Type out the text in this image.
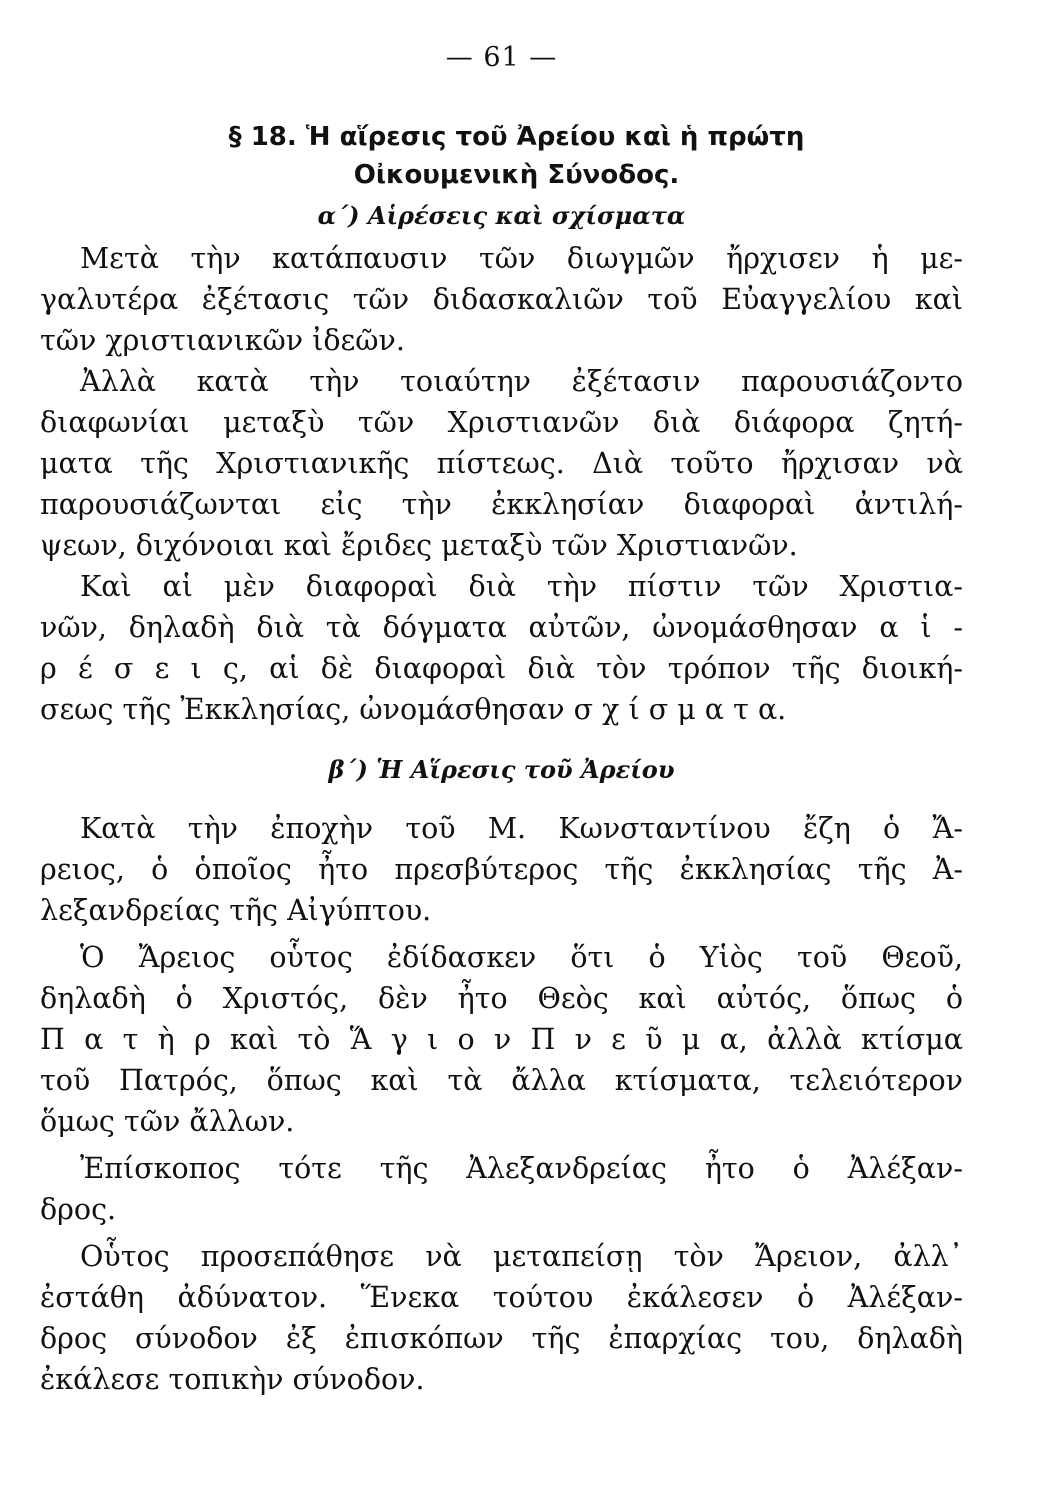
— 61 —
§ 18. Ἡ αἵρεσις τοῦ Ἀρείου καὶ ἡ πρώτη
Οἰκουμενικὴ Σύνοδος.
α΄) Αἱρέσεις καὶ σχίσματα
Μετὰ τὴν κατάπαυσιν τῶν διωγμῶν ἤρχισεν ἡ με-
γαλυτέρα ἐξέτασις τῶν διδασκαλιῶν τοῦ Εὐαγγελίου καὶ
τῶν χριστιανικῶν ἰδεῶν.
Ἀλλὰ κατὰ τὴν τοιαύτην ἐξέτασιν παρουσιάζοντο
διαφωνίαι μεταξὺ τῶν Χριστιανῶν διὰ διάφορα ζητή-
ματα τῆς Χριστιανικῆς πίστεως. Διὰ τοῦτο ἤρχισαν νὰ
παρουσιάζωνται εἰς τὴν ἐκκλησίαν διαφοραὶ ἀντιλή-
ψεων, διχόνοιαι καὶ ἔριδες μεταξὺ τῶν Χριστιανῶν.
Καὶ αἱ μὲν διαφοραὶ διὰ τὴν πίστιν τῶν Χριστια-
νῶν, δηλαδὴ διὰ τὰ δόγματα αὐτῶν, ὠνομάσθησαν α ἱ -
ρ έ σ ε ι ς, αἱ δὲ διαφοραὶ διὰ τὸν τρόπον τῆς διοική-
σεως τῆς Ἐκκλησίας, ὠνομάσθησαν σ χ ί σ μ α τ α.
β΄) Ἡ Αἵρεσις τοῦ Ἀρείου
Κατὰ τὴν ἐποχὴν τοῦ Μ. Κωνσταντίνου ἔζη ὁ Ἄ-
ρειος, ὁ ὁποῖος ἦτο πρεσβύτερος τῆς ἐκκλησίας τῆς Ἀ-
λεξανδρείας τῆς Αἰγύπτου.
Ὁ Ἄρειος οὗτος ἐδίδασκεν ὅτι ὁ Υἱὸς τοῦ Θεοῦ,
δηλαδὴ ὁ Χριστός, δὲν ἦτο Θεὸς καὶ αὐτός, ὅπως ὁ
Π α τ ὴ ρ καὶ τὸ Ἅ γ ι ο ν Π ν ε ῦ μ α, ἀλλὰ κτίσμα
τοῦ Πατρός, ὅπως καὶ τὰ ἄλλα κτίσματα, τελειότερον
ὅμως τῶν ἄλλων.
Ἐπίσκοπος τότε τῆς Ἀλεξανδρείας ἦτο ὁ Ἀλέξαν-
δρος.
Οὗτος προσεπάθησε νὰ μεταπείσῃ τὸν Ἄρειον, ἀλλ᾽
ἐστάθη ἀδύνατον. Ἕνεκα τούτου ἐκάλεσεν ὁ Ἀλέξαν-
δρος σύνοδον ἐξ ἐπισκόπων τῆς ἐπαρχίας του, δηλαδὴ
ἐκάλεσε τοπικὴν σύνοδον.
